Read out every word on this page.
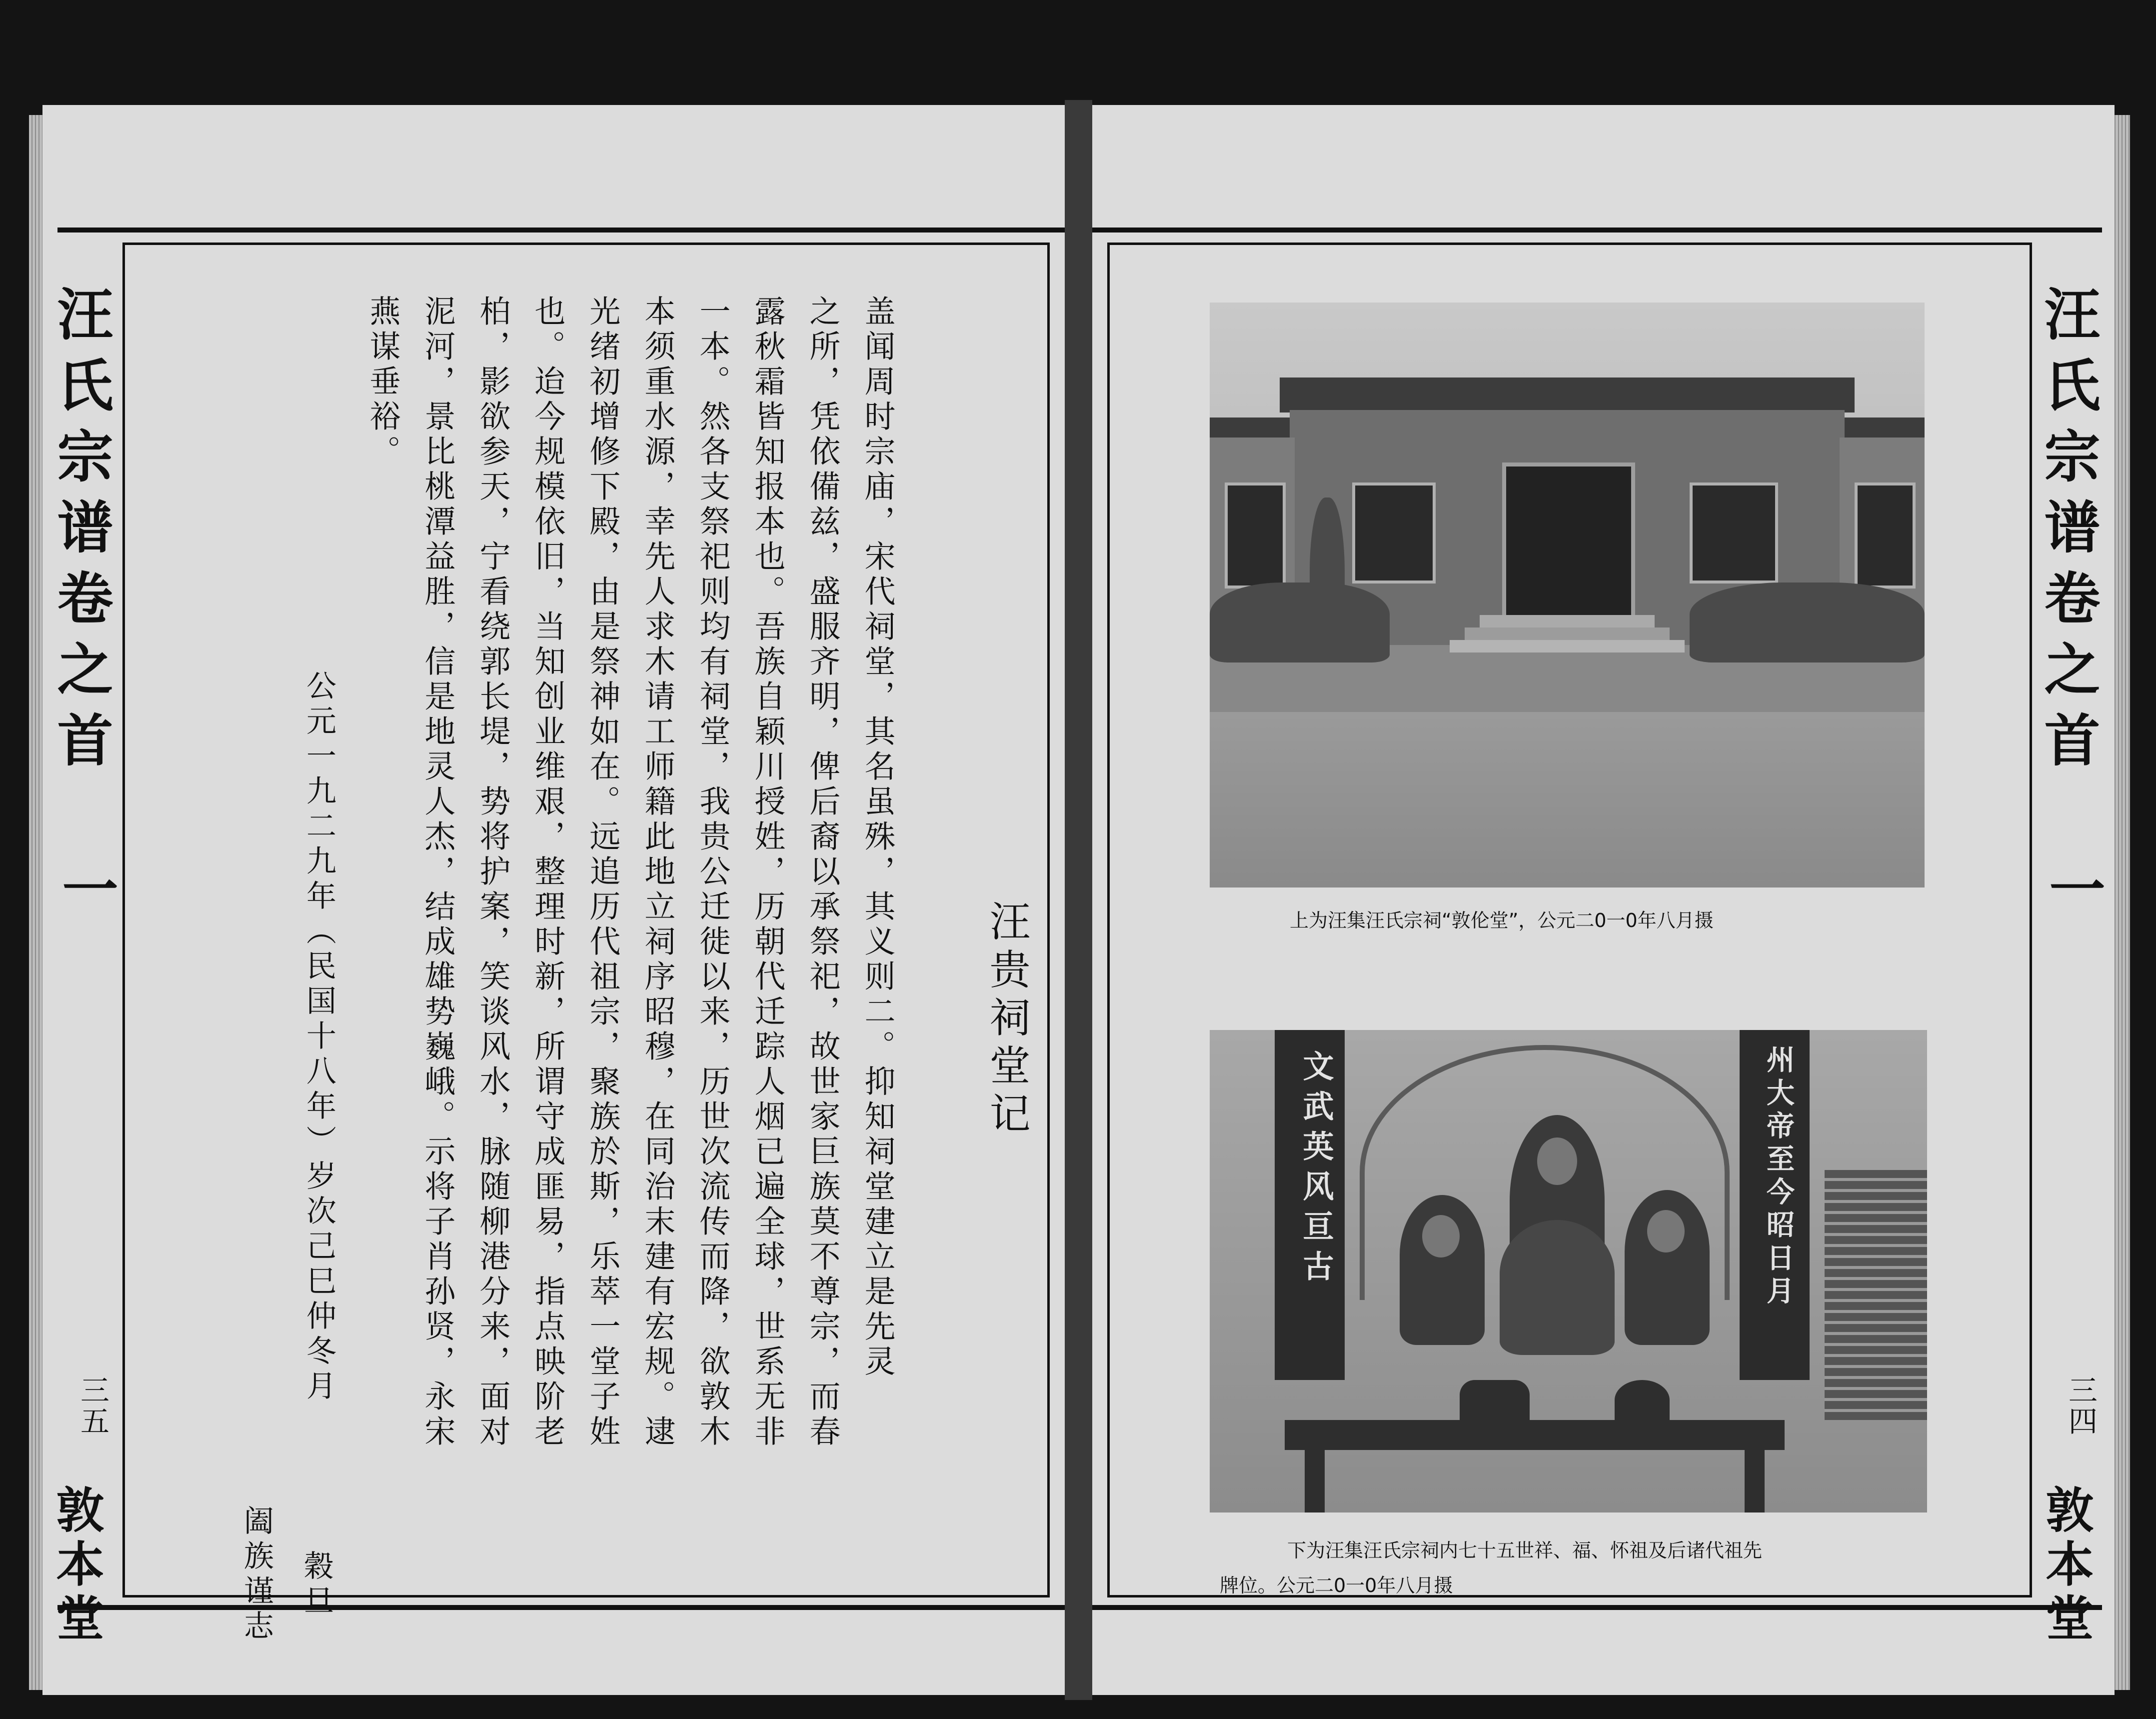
汪氏宗谱卷之首
一
三五
敦本堂
汪贵祠堂记
盖闻周时宗庙，宋代祠堂，其名虽殊，其义则二。抑知祠堂建立是先灵
之所，凭依備兹，盛服齐明，俾后裔以承祭祀，故世家巨族莫不尊宗，而春
露秋霜皆知报本也。吾族自颖川授姓，历朝代迁踪人烟已遍全球，世系无非
一本。然各支祭祀则均有祠堂，我贵公迁徙以来，历世次流传而降，欲敦木
本须重水源，幸先人求木请工师籍此地立祠序昭穆，在同治末建有宏规。逮
光绪初增修下殿，由是祭神如在。远追历代祖宗，聚族於斯，乐萃一堂子姓
也。迨今规模依旧，当知创业维艰，整理时新，所谓守成匪易，指点映阶老
柏，影欲参天，宁看绕郭长堤，势将护案，笑谈风水，脉随柳港分来，面对
泥河，景比桃潭益胜，信是地灵人杰，结成雄势巍峨。示将子肖孙贤，永宋
燕谋垂裕。
公元一九二九年（民国十八年）岁次己巳仲冬月
阖族谨志 穀旦
汪氏宗谱卷之首
一
三四
敦本堂
上为汪集汪氏宗祠“敦伦堂”，公元二0一0年八月摄
文武英风亘古	州大帝至今昭日月
下为汪集汪氏宗祠内七十五世祥、福、怀祖及后诸代祖先
牌位。公元二0一0年八月摄
